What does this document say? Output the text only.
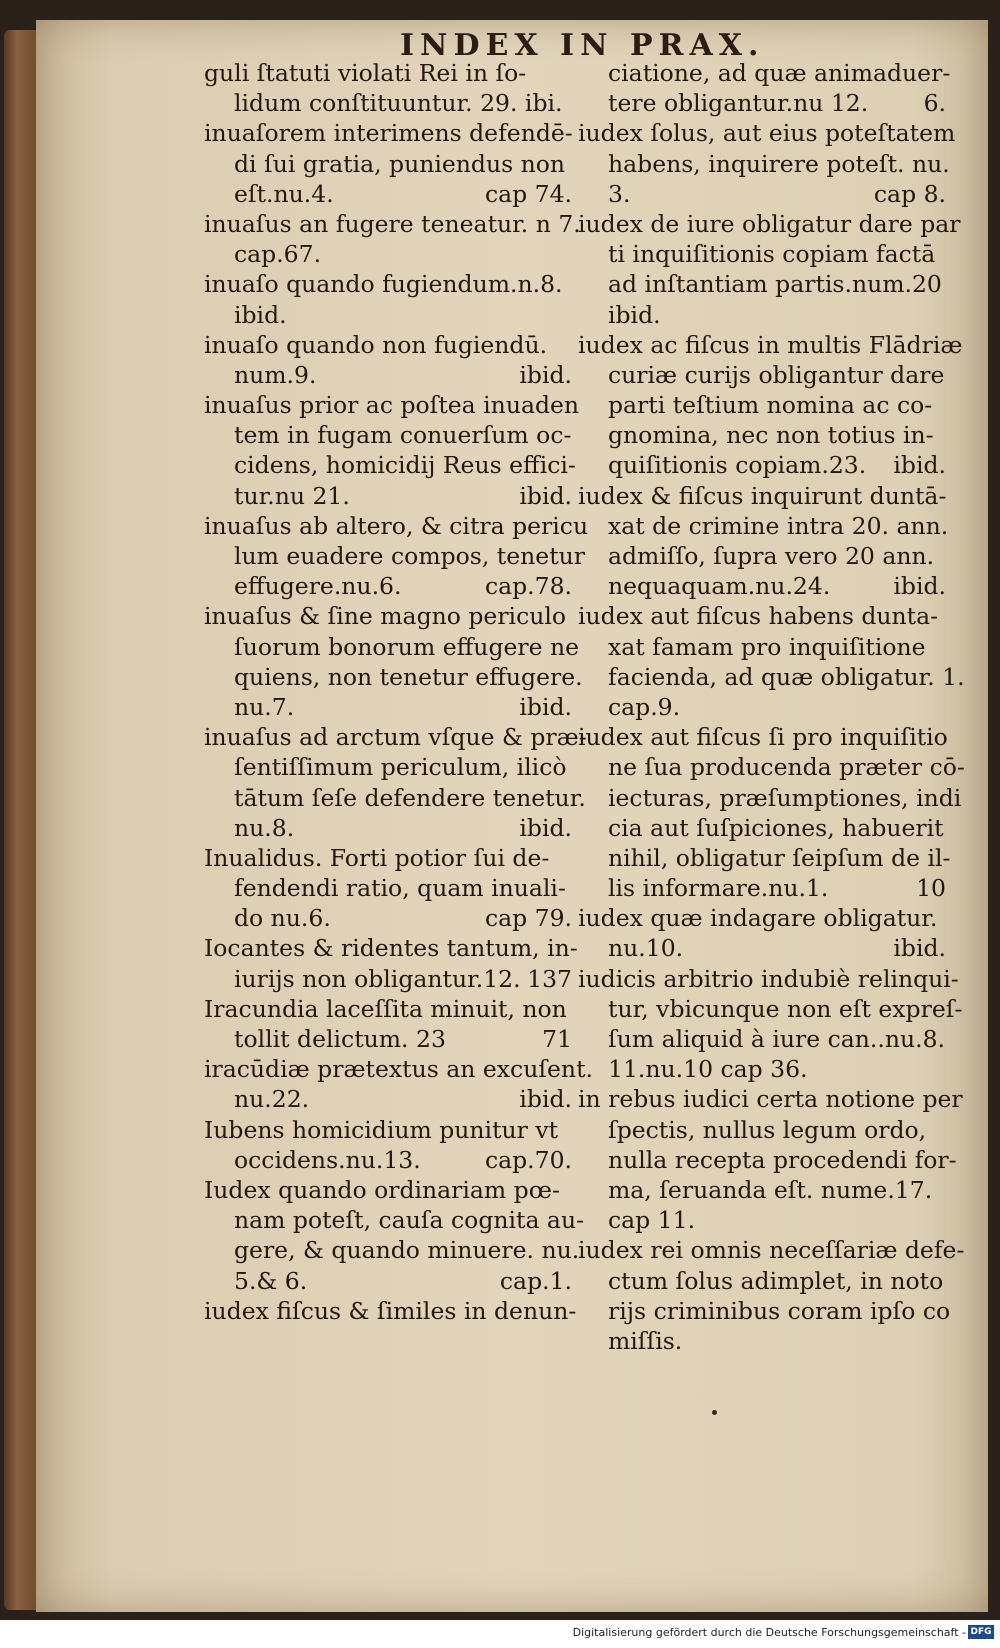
INDEX IN PRAX.
guli ſtatuti violati Rei in ſo-
lidum conſtituuntur. 29. ibi.
inuaſorem interimens defendē-
di ſui gratia, puniendus non
eſt.nu.4.	cap 74.
inuaſus an fugere teneatur. n 7.
cap.67.
inuaſo quando fugiendum.n.8.
ibid.
inuaſo quando non fugiendū.
num.9.	ibid.
inuaſus prior ac poſtea inuaden
tem in fugam conuerſum oc-
cidens, homicidij Reus effici-
tur.nu 21.	ibid.
inuaſus ab altero, & citra pericu
lum euadere compos, tenetur
effugere.nu.6.	cap.78.
inuaſus & ſine magno periculo
ſuorum bonorum effugere ne
quiens, non tenetur effugere.
nu.7.	ibid.
inuaſus ad arctum vſque & præ-
ſentiſſimum periculum, ilicò
tātum ſeſe defendere tenetur.
nu.8.	ibid.
Inualidus. Forti potior ſui de-
fendendi ratio, quam inuali-
do nu.6.	cap 79.
Iocantes & ridentes tantum, in-
iurijs non obligantur.12. 137
Iracundia laceſſita minuit, non
tollit delictum. 23	71
iracūdiæ prætextus an excuſent.
nu.22.	ibid.
Iubens homicidium punitur vt
occidens.nu.13.	cap.70.
Iudex quando ordinariam pœ-
nam poteſt, cauſa cognita au-
gere, & quando minuere. nu.
5.& 6.	cap.1.
iudex fiſcus & ſimiles in denun-
ciatione, ad quæ animaduer-
tere obligantur.nu 12. 6.
iudex ſolus, aut eius poteſtatem
habens, inquirere poteſt. nu.
3.	cap 8.
iudex de iure obligatur dare par
ti inquiſitionis copiam factā
ad inſtantiam partis.num.20
ibid.
iudex ac fiſcus in multis Flādriæ
curiæ curijs obligantur dare
parti teſtium nomina ac co-
gnomina, nec non totius in-
quiſitionis copiam.23. ibid.
iudex & fiſcus inquirunt duntā-
xat de crimine intra 20. ann.
admiſſo, ſupra vero 20 ann.
nequaquam.nu.24.	ibid.
iudex aut fiſcus habens dunta-
xat famam pro inquiſitione
facienda, ad quæ obligatur. 1.
cap.9.
iudex aut fiſcus ſi pro inquiſitio
ne ſua producenda præter cō-
iecturas, præſumptiones, indi
cia aut ſuſpiciones, habuerit
nihil, obligatur ſeipſum de il-
lis informare.nu.1.	10
iudex quæ indagare obligatur.
nu.10.	ibid.
iudicis arbitrio indubiè relinqui-
tur, vbicunque non eſt expreſ-
ſum aliquid à iure can..nu.8.
11.nu.10 cap 36.
in rebus iudici certa notione per
ſpectis, nullus legum ordo,
nulla recepta procedendi for-
ma, ſeruanda eſt. nume.17.
cap 11.
iudex rei omnis neceſſariæ defe-
ctum ſolus adimplet, in noto
rijs criminibus coram ipſo co
miſſis.
Digitalisierung gefördert durch die Deutsche Forschungsgemeinschaft - DFG
